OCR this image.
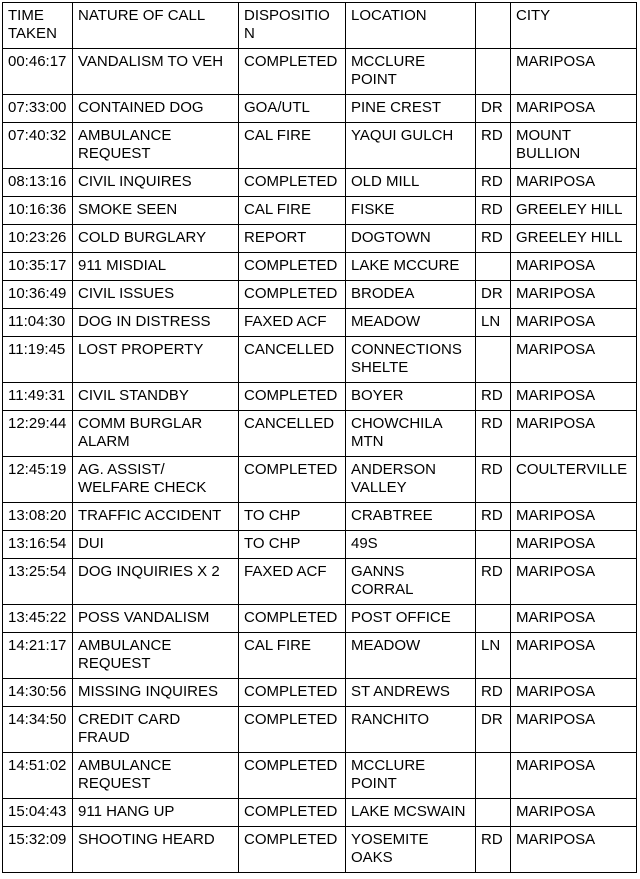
TIME TAKEN	NATURE OF CALL	DISPOSITION	LOCATION		CITY
00:46:17	VANDALISM TO VEH	COMPLETED	MCCLURE POINT		MARIPOSA
07:33:00	CONTAINED DOG	GOA/UTL	PINE CREST	DR	MARIPOSA
07:40:32	AMBULANCE REQUEST	CAL FIRE	YAQUI GULCH	RD	MOUNT BULLION
08:13:16	CIVIL INQUIRES	COMPLETED	OLD MILL	RD	MARIPOSA
10:16:36	SMOKE SEEN	CAL FIRE	FISKE	RD	GREELEY HILL
10:23:26	COLD BURGLARY	REPORT	DOGTOWN	RD	GREELEY HILL
10:35:17	911 MISDIAL	COMPLETED	LAKE MCCURE		MARIPOSA
10:36:49	CIVIL ISSUES	COMPLETED	BRODEA	DR	MARIPOSA
11:04:30	DOG IN DISTRESS	FAXED ACF	MEADOW	LN	MARIPOSA
11:19:45	LOST PROPERTY	CANCELLED	CONNECTIONS SHELTE		MARIPOSA
11:49:31	CIVIL STANDBY	COMPLETED	BOYER	RD	MARIPOSA
12:29:44	COMM BURGLAR ALARM	CANCELLED	CHOWCHILA MTN	RD	MARIPOSA
12:45:19	AG. ASSIST/ WELFARE CHECK	COMPLETED	ANDERSON VALLEY	RD	COULTERVILLE
13:08:20	TRAFFIC ACCIDENT	TO CHP	CRABTREE	RD	MARIPOSA
13:16:54	DUI	TO CHP	49S		MARIPOSA
13:25:54	DOG INQUIRIES X 2	FAXED ACF	GANNS CORRAL	RD	MARIPOSA
13:45:22	POSS VANDALISM	COMPLETED	POST OFFICE		MARIPOSA
14:21:17	AMBULANCE REQUEST	CAL FIRE	MEADOW	LN	MARIPOSA
14:30:56	MISSING INQUIRES	COMPLETED	ST ANDREWS	RD	MARIPOSA
14:34:50	CREDIT CARD FRAUD	COMPLETED	RANCHITO	DR	MARIPOSA
14:51:02	AMBULANCE REQUEST	COMPLETED	MCCLURE POINT		MARIPOSA
15:04:43	911 HANG UP	COMPLETED	LAKE MCSWAIN		MARIPOSA
15:32:09	SHOOTING HEARD	COMPLETED	YOSEMITE OAKS	RD	MARIPOSA
